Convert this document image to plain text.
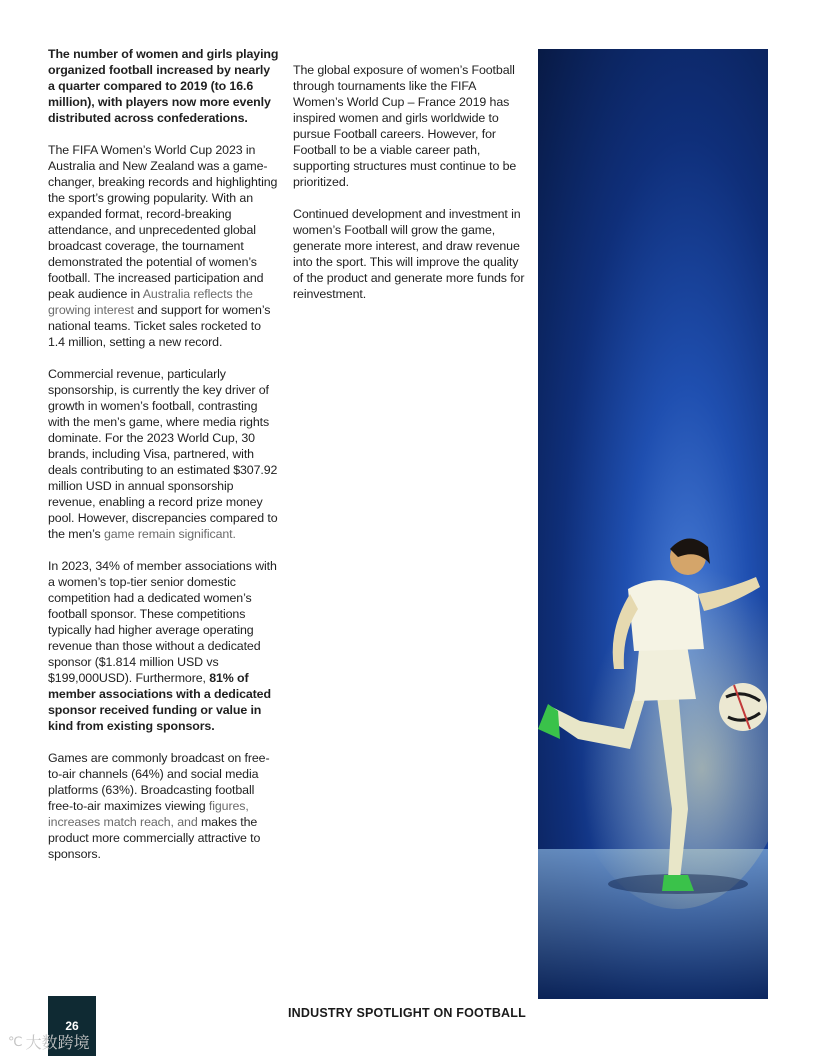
The number of women and girls playing organized football increased by nearly a quarter compared to 2019 (to 16.6 million), with players now more evenly distributed across confederations.

The FIFA Women’s World Cup 2023 in Australia and New Zealand was a game-changer, breaking records and highlighting the sport’s growing popularity. With an expanded format, record-breaking attendance, and unprecedented global broadcast coverage, the tournament demonstrated the potential of women’s football. The increased participation and peak audience in Australia reflects the growing interest and support for women’s national teams. Ticket sales rocketed to 1.4 million, setting a new record.

Commercial revenue, particularly sponsorship, is currently the key driver of growth in women’s football, contrasting with the men’s game, where media rights dominate. For the 2023 World Cup, 30 brands, including Visa, partnered, with deals contributing to an estimated $307.92 million USD in annual sponsorship revenue, enabling a record prize money pool. However, discrepancies compared to the men’s game remain significant.

In 2023, 34% of member associations with a women’s top-tier senior domestic competition had a dedicated women’s football sponsor. These competitions typically had higher average operating revenue than those without a dedicated sponsor ($1.814 million USD vs $199,000USD). Furthermore, 81% of member associations with a dedicated sponsor received funding or value in kind from existing sponsors.

Games are commonly broadcast on free-to-air channels (64%) and social media platforms (63%). Broadcasting football free-to-air maximizes viewing figures, increases match reach, and makes the product more commercially attractive to sponsors.

The global exposure of women’s Football through tournaments like the FIFA Women’s World Cup – France 2019 has inspired women and girls worldwide to pursue Football careers. However, for Football to be a viable career path, supporting structures must continue to be prioritized.

Continued development and investment in women’s Football will grow the game, generate more interest, and draw revenue into the sport. This will improve the quality of the product and generate more funds for reinvestment.

26
INDUSTRY SPOTLIGHT ON FOOTBALL
℃ 大数跨境
